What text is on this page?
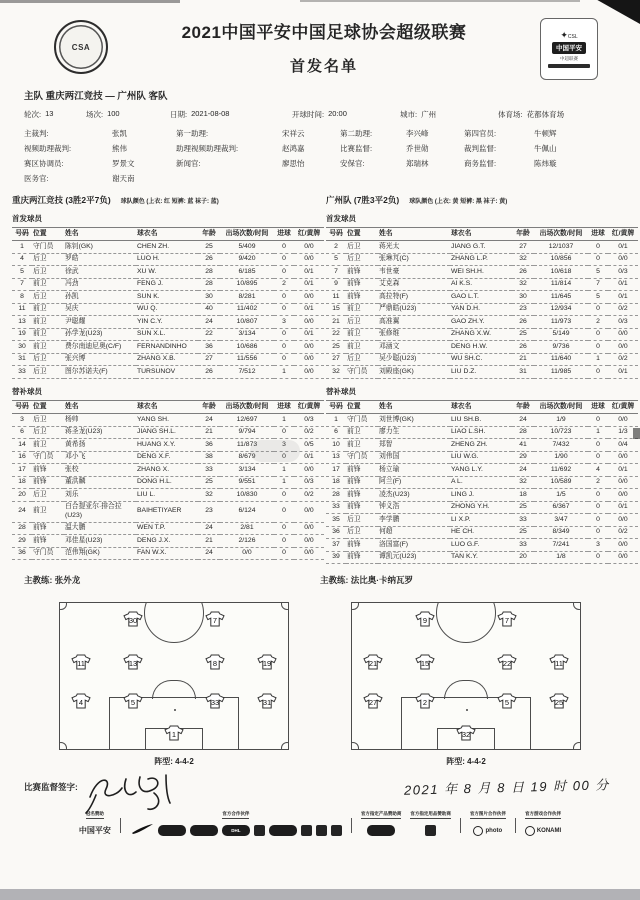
CSA
2021中国平安中国足球协会超级联赛
首发名单
✦CSL
中国平安
中超联赛
主队 重庆两江竞技 — 广州队 客队
轮次: 13	场次: 100	日期: 2021-08-08	开球时间: 20:00	城市: 广州	体育场: 花都体育场
主裁判:	张凯	第一助理:	宋祥云	第二助理:	李兴峰	第四官员:	牛顿辉
视频助理裁判:	熊伟	助理视频助理裁判:	赵鸿嘉	比赛监督:	乔世勋	裁判监督:	牛佩山
赛区协调员:	罗景文	新闻官:	廖思怡	安保官:	郑瑞林	商务监督:	陈炜璇
医务官:	谢天南
重庆两江竞技 (3胜2平7负) 球队颜色 (上衣: 红 短裤: 蓝 袜子: 蓝)
首发球员
号码	位置	姓名	球衣名	年龄	出场次数/时间	进球	红/黄牌
1	守门员	陈钊(GK)	CHEN ZH.	25	5/409	0	0/0
4	后卫	罗皓	LUO H.	26	9/420	0	0/0
5	后卫	徐武	XU W.	28	6/185	0	0/1
7	前卫	冯劲	FENG J.	28	10/895	2	0/1
8	后卫	孙凯	SUN K.	30	8/281	0	0/0
11	前卫	吴庆	WU Q.	40	11/402	0	0/1
13	前卫	尹聪耀	YIN C.Y.	24	10/807	3	0/0
19	前卫	孙学龙(U23)	SUN X.L.	22	3/134	0	0/1
30	前卫	费尔南迪尼奥(C/F)	FERNANDINHO	36	10/686	0	0/0
31	后卫	张兴博	ZHANG X.B.	27	11/556	0	0/0
33	后卫	图尔苏诺夫(F)	TURSUNOV	26	7/512	1	0/0
替补球员
号码	位置	姓名	球衣名	年龄	出场次数/时间	进球	红/黄牌
3	后卫	杨帅	YANG SH.	24	12/697	1	0/3
6	后卫	蒋圣龙(U23)	JIANG SH.L.	21	9/794	0	0/2
14	前卫	黄希扬	HUANG X.Y.	36	11/873	3	0/5
16	守门员	邓小飞	DENG X.F.	38	8/679	0	0/1
17	前锋	张校	ZHANG X.	33	3/134	1	0/0
18	前锋	董洪麟	DONG H.L.	25	9/551	1	0/3
20	后卫	刘乐	LIU L.	32	10/830	0	0/2
24	前卫	白合提亚尔·排合拉(U23)	BAIHETIYAER	23	6/124	0	0/0
28	前锋	温大鹏	WEN T.P.	24	2/81	0	0/0
29	前锋	邓佳星(U23)	DENG J.X.	21	2/126	0	0/0
36	守门员	范伟翔(GK)	FAN W.X.	24	0/0	0	0/0
广州队 (7胜3平2负) 球队颜色 (上衣: 黄 短裤: 黑 袜子: 黄)
首发球员
号码	位置	姓名	球衣名	年龄	出场次数/时间	进球	红/黄牌
2	后卫	蒋光太	JIANG G.T.	27	12/1037	0	0/1
5	后卫	张琳芃(C)	ZHANG L.P.	32	10/856	0	0/0
7	前锋	韦世豪	WEI SH.H.	26	10/618	5	0/3
9	前锋	艾克森	AI K.S.	32	11/814	7	0/1
11	前锋	高拉特(F)	GAO L.T.	30	11/645	5	0/1
15	前卫	严鼎皓(U23)	YAN D.H.	23	12/934	0	0/2
21	后卫	高准翼	GAO ZH.Y.	26	11/973	2	0/3
22	前卫	张修维	ZHANG X.W.	25	5/149	0	0/0
25	前卫	邓涵文	DENG H.W.	26	9/736	0	0/0
27	后卫	吴少聪(U23)	WU SH.C.	21	11/640	1	0/2
32	守门员	刘殿座(GK)	LIU D.Z.	31	11/985	0	0/1
替补球员
号码	位置	姓名	球衣名	年龄	出场次数/时间	进球	红/黄牌
1	守门员	刘世博(GK)	LIU SH.B.	24	1/9	0	0/0
6	前卫	廖力生	LIAO L.SH.	28	10/723	1	1/3
10	前卫	郑智	ZHENG ZH.	41	7/432	0	0/4
13	守门员	刘伟国	LIU W.G.	29	1/90	0	0/0
17	前锋	杨立瑜	YANG L.Y.	24	11/692	4	0/1
18	前锋	阿兰(F)	A L.	32	10/589	2	0/0
28	前锋	凌杰(U23)	LING J.	18	1/5	0	0/0
33	前锋	钟义浩	ZHONG Y.H.	25	6/367	0	0/1
35	后卫	李学鹏	LI X.P.	33	3/47	0	0/0
36	后卫	何超	HE CH.	25	8/349	0	0/2
37	前锋	洛国富(F)	LUO G.F.	33	7/241	3	0/0
39	前锋	谭凯元(U23)	TAN K.Y.	20	1/8	0	0/0
主教练: 张外龙	主教练: 法比奥·卡纳瓦罗
30	7
11	13	8	19
4	5	33	31
1
阵型: 4-4-2
9	7
21	15	22	11
27	2	5	25
32
阵型: 4-4-2
比赛监督签字:	2021 年 8 月 8 日 19 时 00 分
冠名赞助
中国平安
官方合作伙伴
DHL
官方指定产品赞助商 官方指定用品赞助商	官方图片合作伙伴
photo
官方游戏合作伙伴
KONAMI
